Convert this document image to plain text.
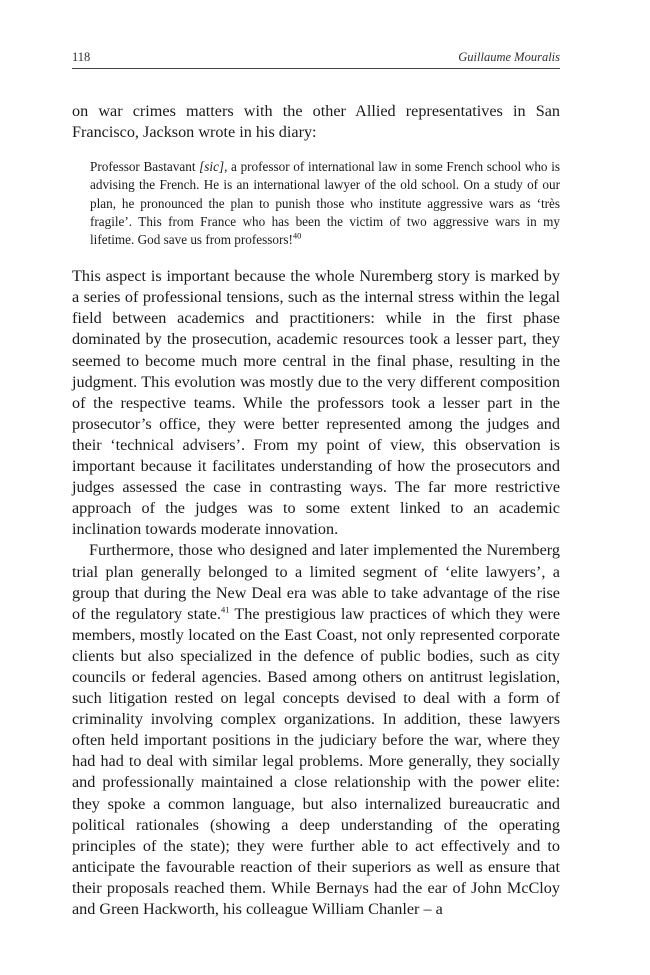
118	Guillaume Mouralis

on war crimes matters with the other Allied representatives in San Francisco, Jackson wrote in his diary:

Professor Bastavant [sic], a professor of international law in some French school who is advising the French. He is an international lawyer of the old school. On a study of our plan, he pronounced the plan to punish those who institute aggressive wars as ‘très fragile’. This from France who has been the victim of two aggressive wars in my lifetime. God save us from professors!$^{40}$

This aspect is important because the whole Nuremberg story is marked by a series of professional tensions, such as the internal stress within the legal field between academics and practitioners: while in the first phase dominated by the prosecution, academic resources took a lesser part, they seemed to become much more central in the final phase, resulting in the judgment. This evolution was mostly due to the very different composition of the respective teams. While the professors took a lesser part in the prosecutor’s office, they were better represented among the judges and their ‘technical advisers’. From my point of view, this observation is important because it facilitates understanding of how the prosecutors and judges assessed the case in contrasting ways. The far more restrictive approach of the judges was to some extent linked to an academic inclination towards moderate innovation.

Furthermore, those who designed and later implemented the Nuremberg trial plan generally belonged to a limited segment of ‘elite lawyers’, a group that during the New Deal era was able to take advantage of the rise of the regulatory state.$^{41}$ The prestigious law practices of which they were members, mostly located on the East Coast, not only represented corporate clients but also specialized in the defence of public bodies, such as city councils or federal agencies. Based among others on antitrust legislation, such litigation rested on legal concepts devised to deal with a form of criminality involving complex organizations. In addition, these lawyers often held important positions in the judiciary before the war, where they had had to deal with similar legal problems. More generally, they socially and professionally maintained a close relationship with the power elite: they spoke a common language, but also internalized bureaucratic and political rationales (showing a deep understanding of the operating principles of the state); they were further able to act effectively and to anticipate the favourable reaction of their superiors as well as ensure that their proposals reached them. While Bernays had the ear of John McCloy and Green Hackworth, his colleague William Chanler – a
